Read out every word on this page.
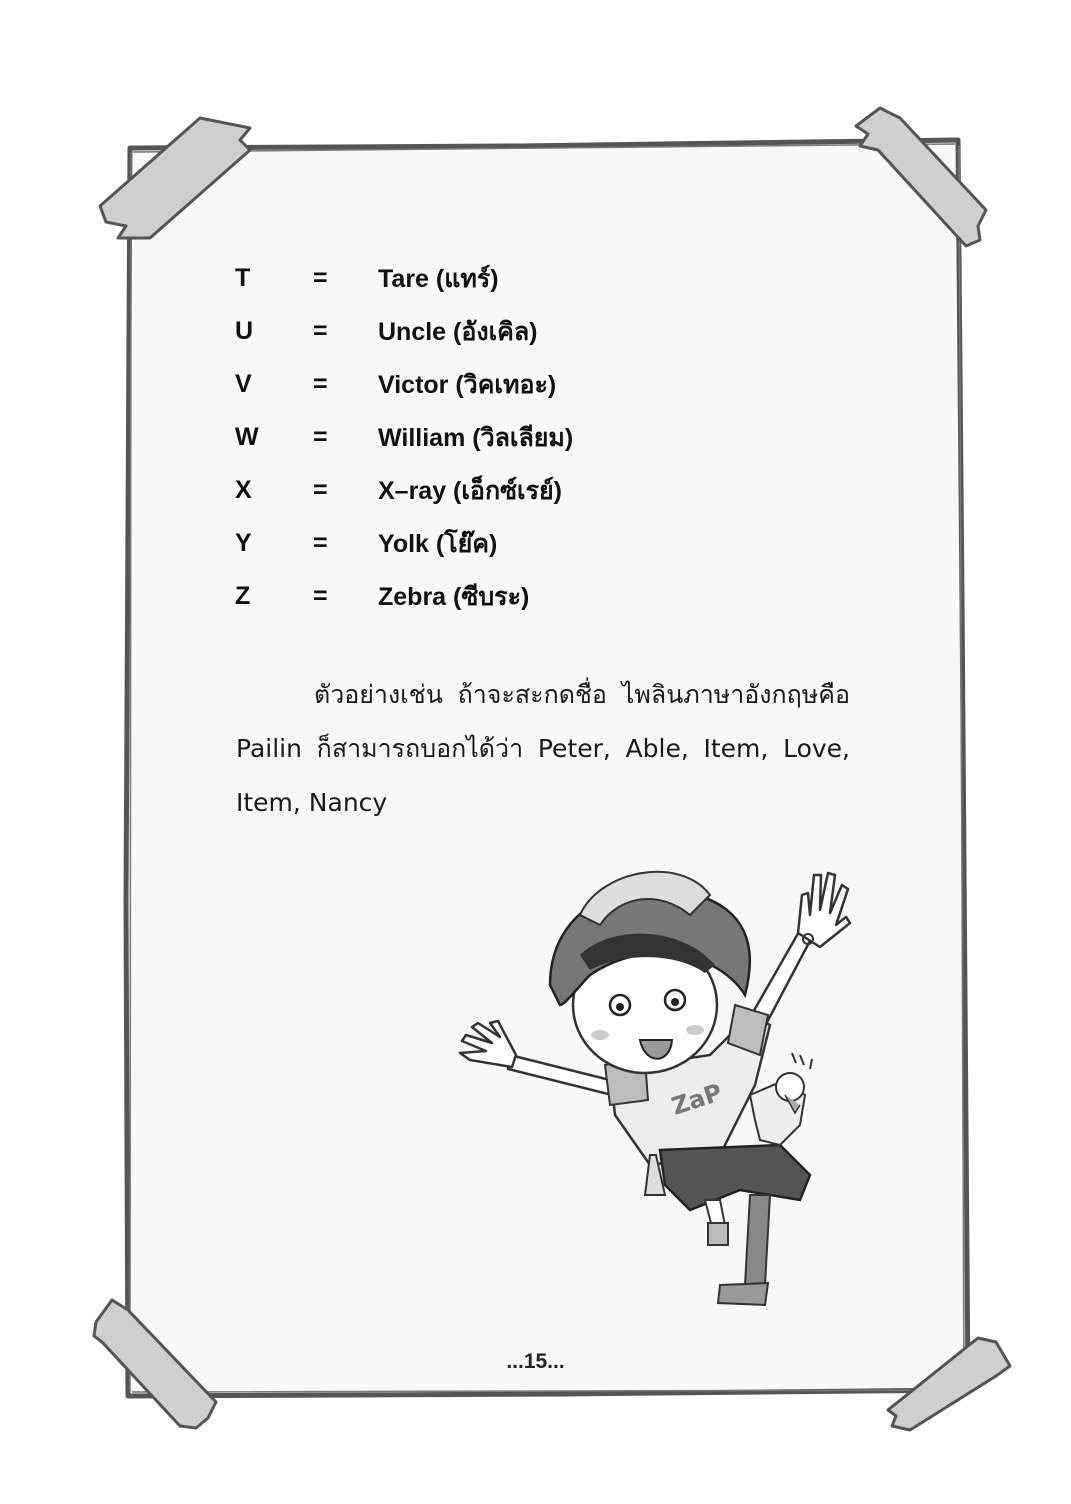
T	=	Tare (แทร์)
U	=	Uncle (อังเคิล)
V	=	Victor (วิคเทอะ)
W	=	William (วิลเลียม)
X	=	X–ray (เอ็กซ์เรย์)
Y	=	Yolk (โย๊ค)
Z	=	Zebra (ซีบระ)
ตัวอย่างเช่น ถ้าจะสะกดชื่อ ไพลินภาษาอังกฤษคือ Pailin ก็สามารถบอกได้ว่า Peter, Able, Item, Love, Item, Nancy
ZaP
...15...
